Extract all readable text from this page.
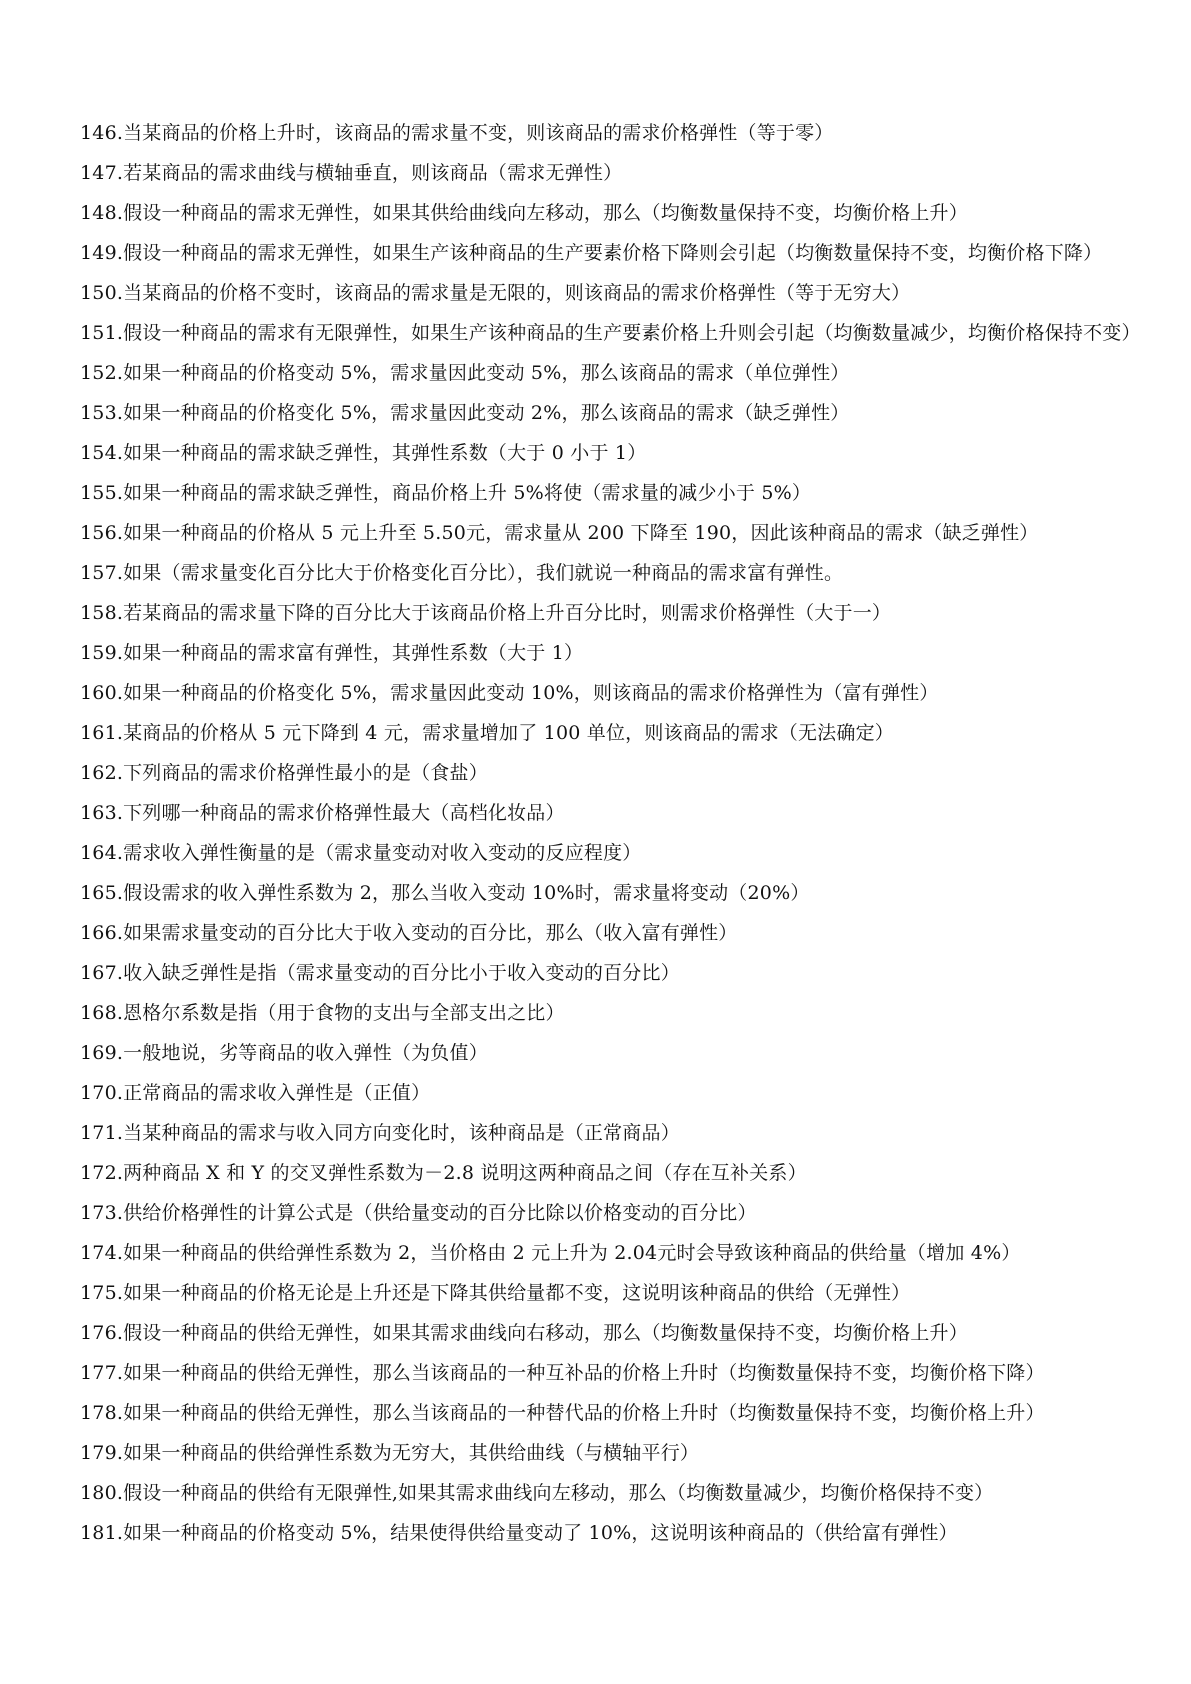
146.当某商品的价格上升时，该商品的需求量不变，则该商品的需求价格弹性（等于零）

147.若某商品的需求曲线与横轴垂直，则该商品（需求无弹性）

148.假设一种商品的需求无弹性，如果其供给曲线向左移动，那么（均衡数量保持不变，均衡价格上升）

149.假设一种商品的需求无弹性，如果生产该种商品的生产要素价格下降则会引起（均衡数量保持不变，均衡价格下降）

150.当某商品的价格不变时，该商品的需求量是无限的，则该商品的需求价格弹性（等于无穷大）

151.假设一种商品的需求有无限弹性，如果生产该种商品的生产要素价格上升则会引起（均衡数量减少，均衡价格保持不变）

152.如果一种商品的价格变动 5%，需求量因此变动 5%，那么该商品的需求（单位弹性）

153.如果一种商品的价格变化 5%，需求量因此变动 2%，那么该商品的需求（缺乏弹性）

154.如果一种商品的需求缺乏弹性，其弹性系数（大于 0 小于 1）

155.如果一种商品的需求缺乏弹性，商品价格上升 5%将使（需求量的减少小于 5%）

156.如果一种商品的价格从 5 元上升至 5.50元，需求量从 200 下降至 190，因此该种商品的需求（缺乏弹性）

157.如果（需求量变化百分比大于价格变化百分比），我们就说一种商品的需求富有弹性。

158.若某商品的需求量下降的百分比大于该商品价格上升百分比时，则需求价格弹性（大于一）

159.如果一种商品的需求富有弹性，其弹性系数（大于 1）

160.如果一种商品的价格变化 5%，需求量因此变动 10%，则该商品的需求价格弹性为（富有弹性）

161.某商品的价格从 5 元下降到 4 元，需求量增加了 100 单位，则该商品的需求（无法确定）

162.下列商品的需求价格弹性最小的是（食盐）

163.下列哪一种商品的需求价格弹性最大（高档化妆品）

164.需求收入弹性衡量的是（需求量变动对收入变动的反应程度）

165.假设需求的收入弹性系数为 2，那么当收入变动 10%时，需求量将变动（20%）

166.如果需求量变动的百分比大于收入变动的百分比，那么（收入富有弹性）

167.收入缺乏弹性是指（需求量变动的百分比小于收入变动的百分比）

168.恩格尔系数是指（用于食物的支出与全部支出之比）

169.一般地说，劣等商品的收入弹性（为负值）

170.正常商品的需求收入弹性是（正值）

171.当某种商品的需求与收入同方向变化时，该种商品是（正常商品）

172.两种商品 X 和 Y 的交叉弹性系数为－2.8 说明这两种商品之间（存在互补关系）

173.供给价格弹性的计算公式是（供给量变动的百分比除以价格变动的百分比）

174.如果一种商品的供给弹性系数为 2，当价格由 2 元上升为 2.04元时会导致该种商品的供给量（增加 4%）

175.如果一种商品的价格无论是上升还是下降其供给量都不变，这说明该种商品的供给（无弹性）

176.假设一种商品的供给无弹性，如果其需求曲线向右移动，那么（均衡数量保持不变，均衡价格上升）

177.如果一种商品的供给无弹性，那么当该商品的一种互补品的价格上升时（均衡数量保持不变，均衡价格下降）

178.如果一种商品的供给无弹性，那么当该商品的一种替代品的价格上升时（均衡数量保持不变，均衡价格上升）

179.如果一种商品的供给弹性系数为无穷大，其供给曲线（与横轴平行）

180.假设一种商品的供给有无限弹性,如果其需求曲线向左移动，那么（均衡数量减少，均衡价格保持不变）

181.如果一种商品的价格变动 5%，结果使得供给量变动了 10%，这说明该种商品的（供给富有弹性）
